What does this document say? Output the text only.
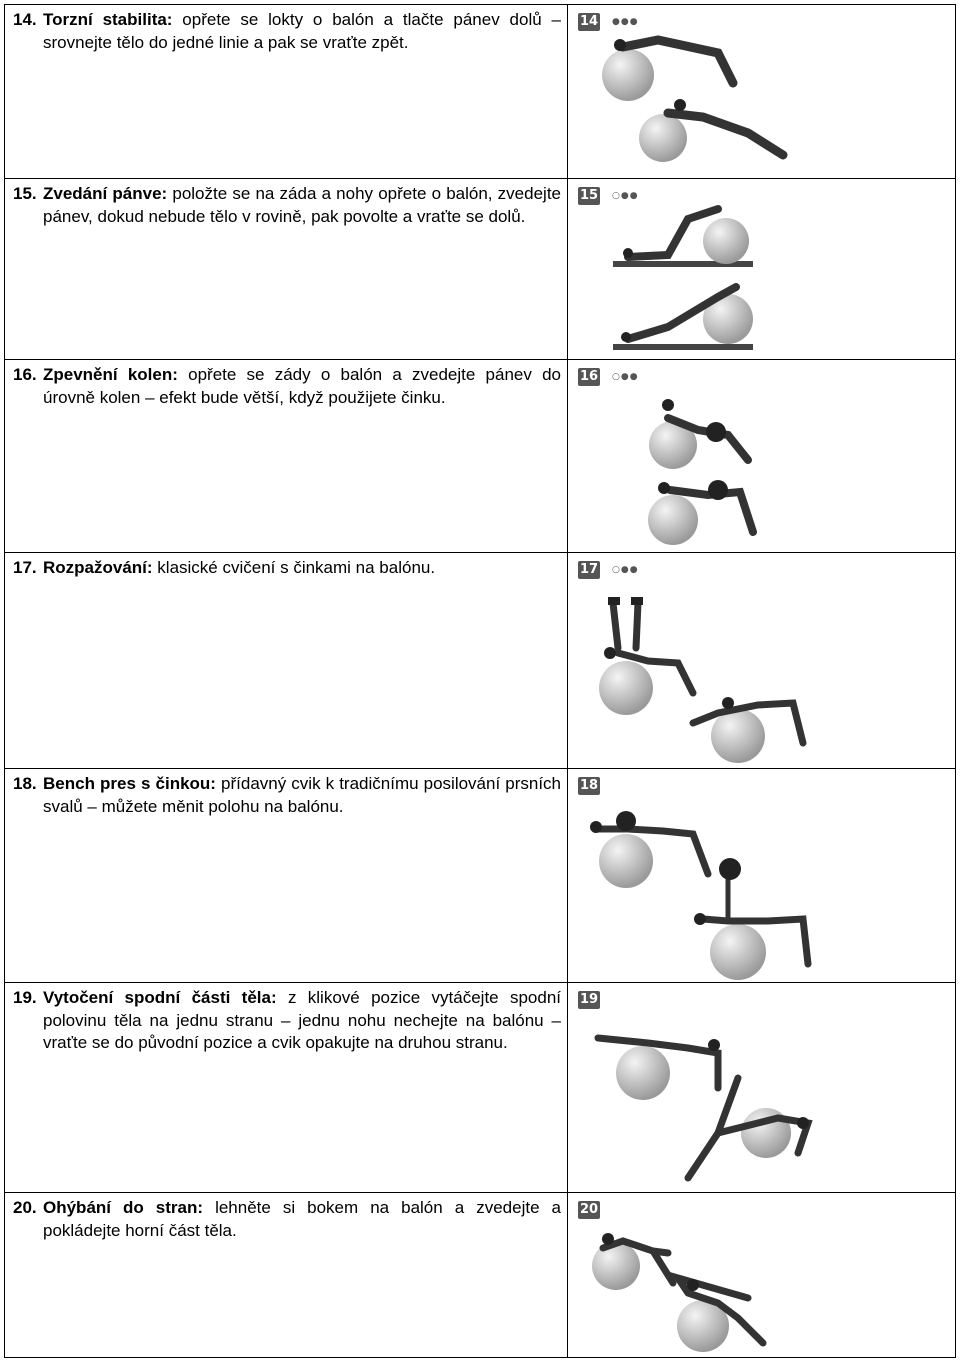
14. Torzní stabilita: opřete se lokty o balón a tlačte pánev dolů – srovnejte tělo do jedné linie a pak se vraťte zpět.
14 ●●●
15. Zvedání pánve: položte se na záda a nohy opřete o balón, zvedejte pánev, dokud nebude tělo v rovině, pak povolte a vraťte se dolů.
15 ○●●
16. Zpevnění kolen: opřete se zády o balón a zvedejte pánev do úrovně kolen – efekt bude větší, když použijete činku.
16 ○●●
17. Rozpažování: klasické cvičení s činkami na balónu.	17 ○●●
18. Bench pres s činkou: přídavný cvik k tradičnímu posilování prsních svalů – můžete měnit polohu na balónu.
18
19. Vytočení spodní části těla: z klikové pozice vytáčejte spodní polovinu těla na jednu stranu – jednu nohu nechejte na balónu – vraťte se do původní pozice a cvik opakujte na druhou stranu.
19
20. Ohýbání do stran: lehněte si bokem na balón a zvedejte a pokládejte horní část těla.
20
